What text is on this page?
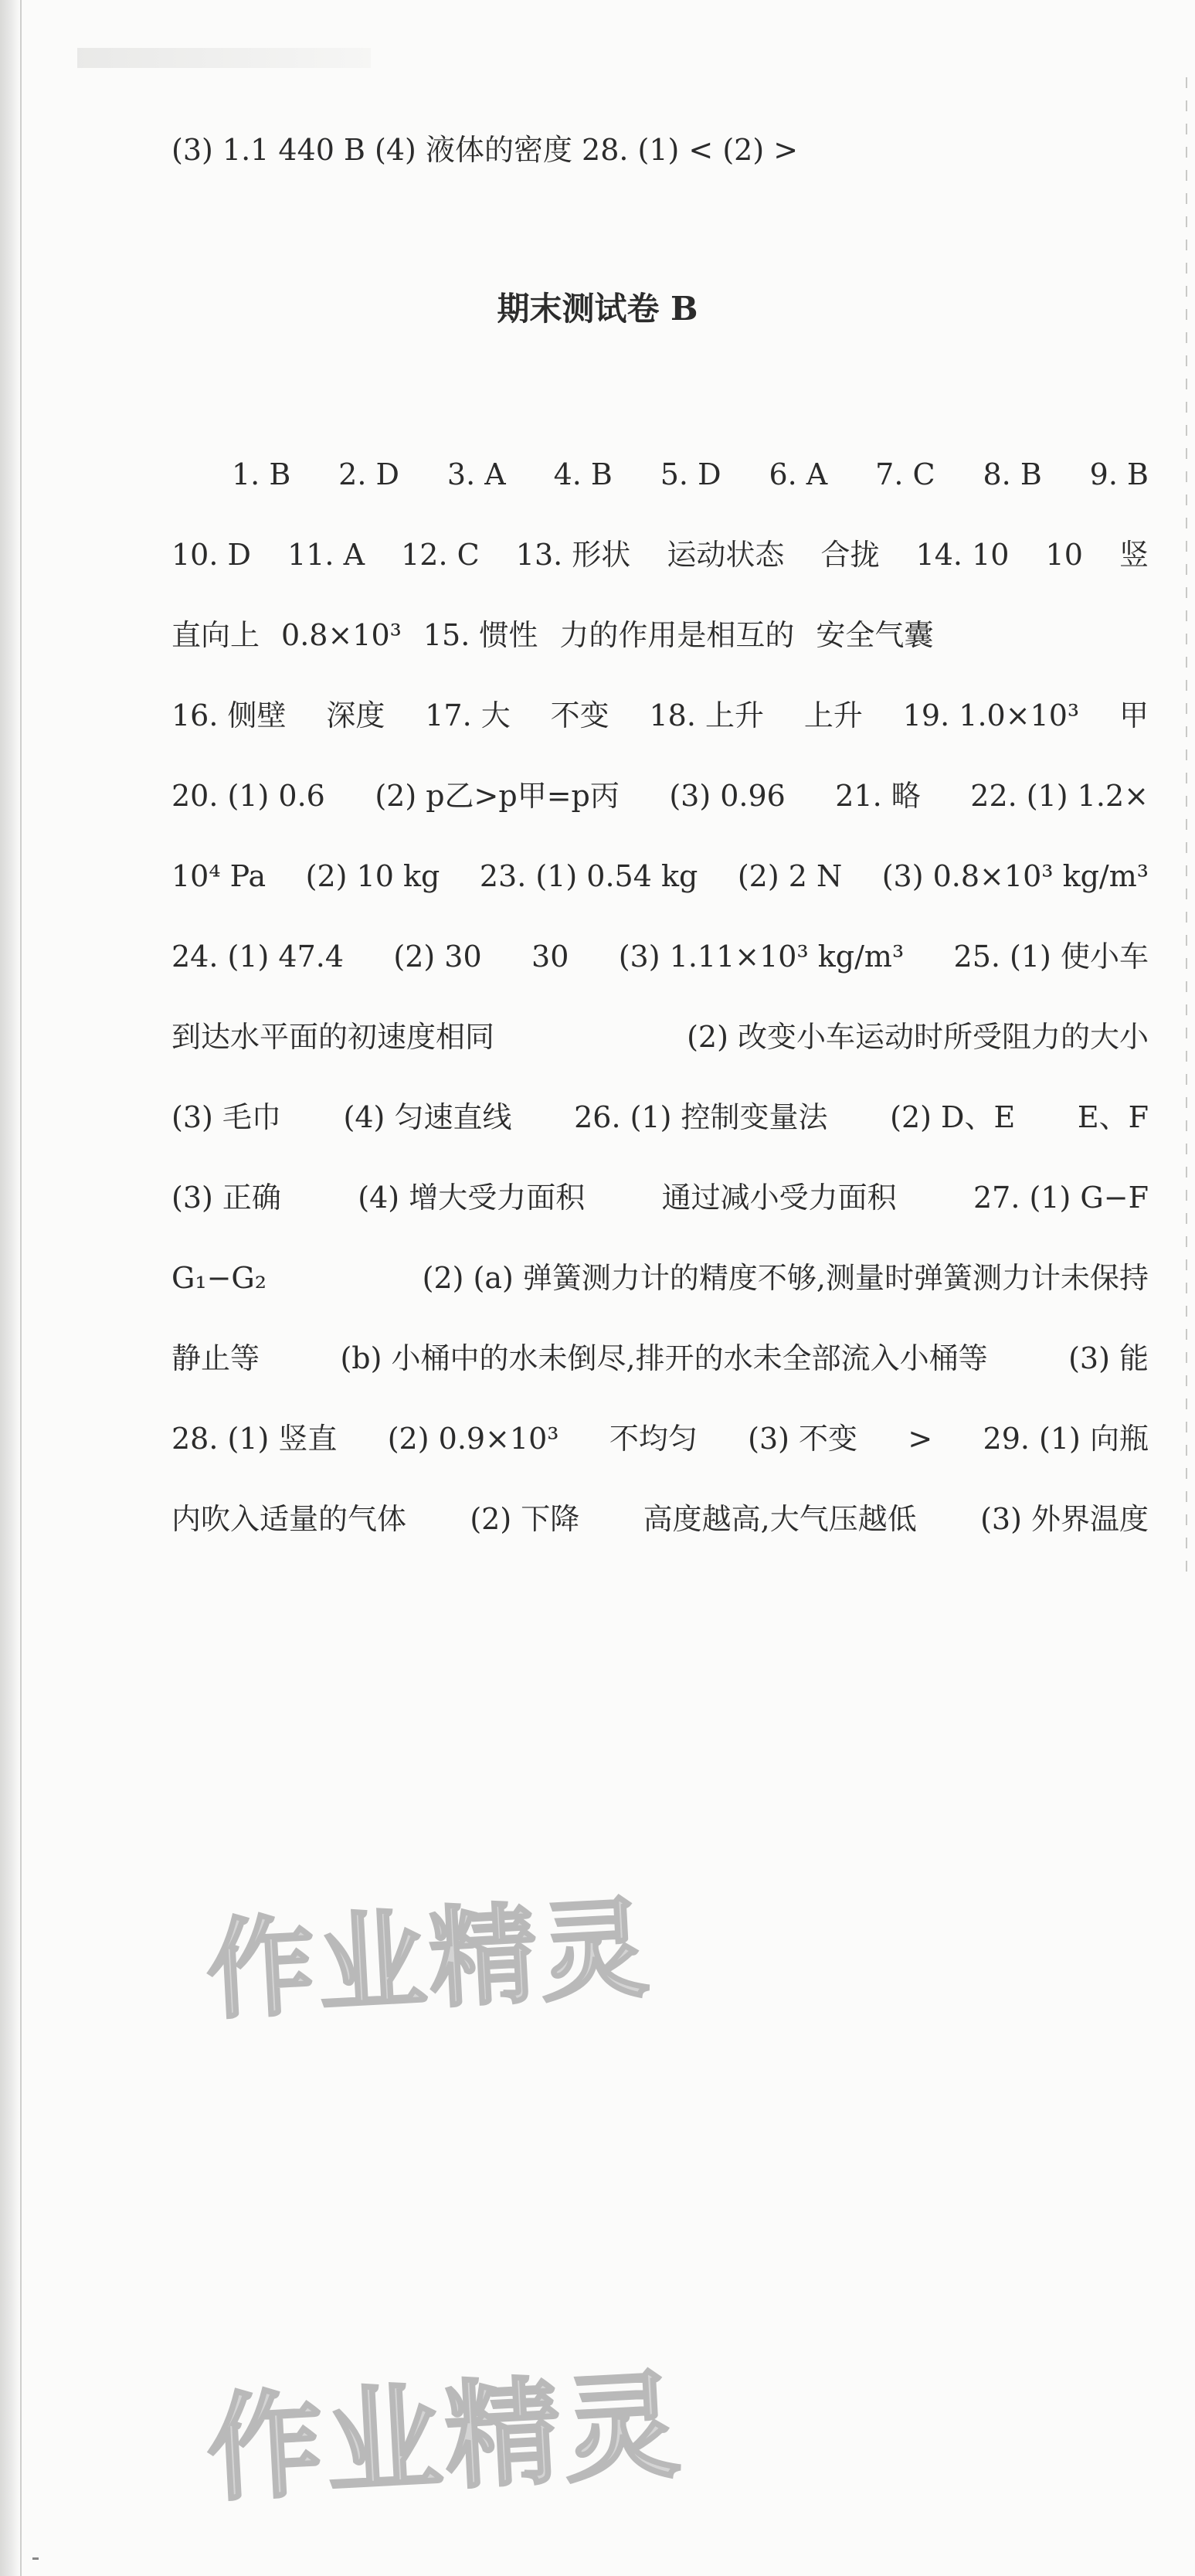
(3) 1.1 440 B (4) 液体的密度 28. (1) < (2) >
期末测试卷 B
1. B 2. D 3. A 4. B 5. D 6. A 7. C 8. B 9. B
10. D 11. A 12. C 13. 形状 运动状态 合拢 14. 10 10 竖
直向上 0.8×10³ 15. 惯性 力的作用是相互的 安全气囊
16. 侧壁 深度 17. 大 不变 18. 上升 上升 19. 1.0×10³ 甲
20. (1) 0.6 (2) p乙>p甲=p丙 (3) 0.96 21. 略 22. (1) 1.2×
10⁴ Pa (2) 10 kg 23. (1) 0.54 kg (2) 2 N (3) 0.8×10³ kg/m³
24. (1) 47.4 (2) 30 30 (3) 1.11×10³ kg/m³ 25. (1) 使小车
到达水平面的初速度相同	(2) 改变小车运动时所受阻力的大小
(3) 毛巾 (4) 匀速直线 26. (1) 控制变量法 (2) D、E E、F
(3) 正确	(4) 增大受力面积	通过减小受力面积	27. (1) G−F
G₁−G₂	(2) (a) 弹簧测力计的精度不够,测量时弹簧测力计未保持
静止等	(b) 小桶中的水未倒尽,排开的水未全部流入小桶等	(3) 能
28. (1) 竖直 (2) 0.9×10³ 不均匀 (3) 不变 > 29. (1) 向瓶
内吹入适量的气体 (2) 下降 高度越高,大气压越低 (3) 外界温度
作业精灵
作业精灵
